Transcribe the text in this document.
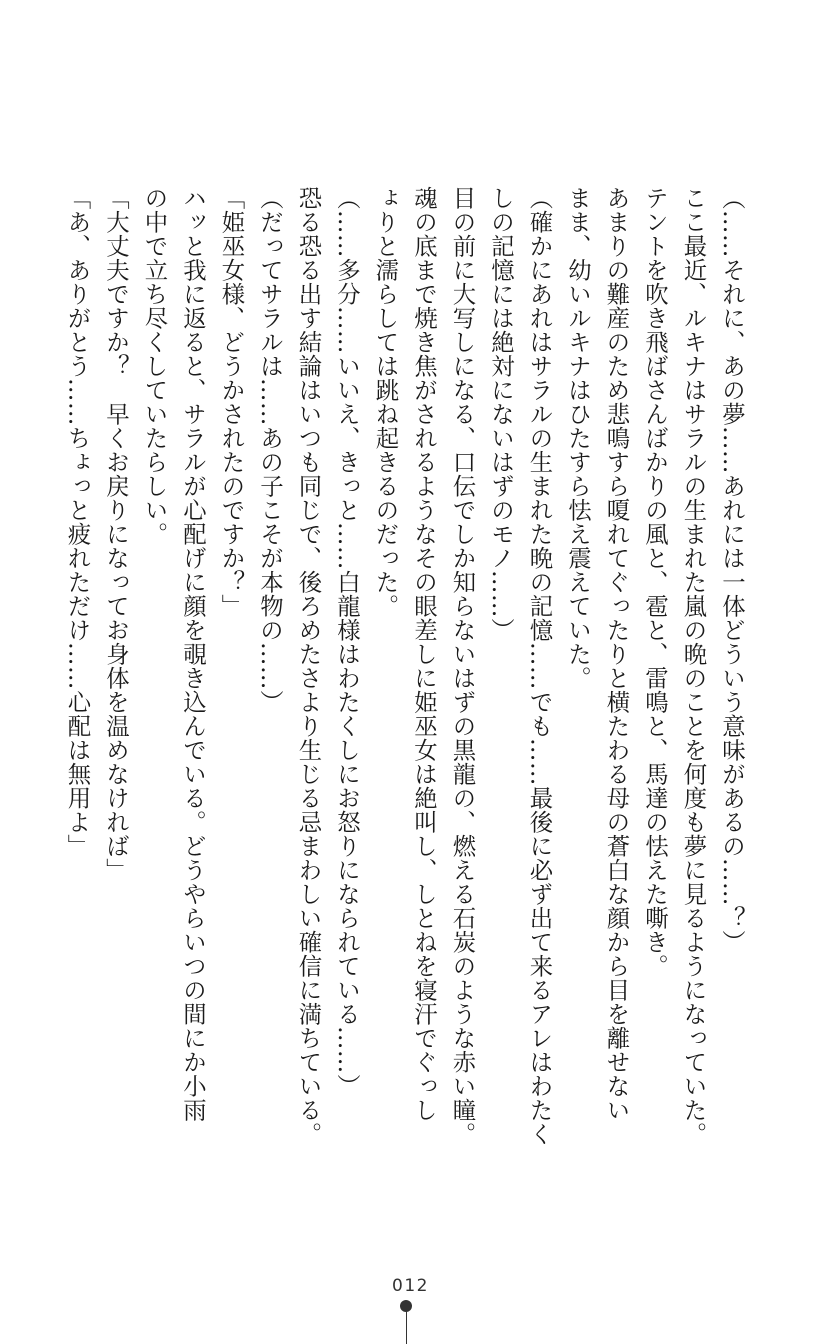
（……それに、あの夢……あれには一体どういう意味があるの……？）

ここ最近、ルキナはサラルの生まれた嵐の晩のことを何度も夢に見るようになっていた。

テントを吹き飛ばさんばかりの風と、雹と、雷鳴と、馬達の怯えた嘶き。

あまりの難産のため悲鳴すら嗄れてぐったりと横たわる母の蒼白な顔から目を離せない

まま、幼いルキナはひたすら怯え震えていた。

（確かにあれはサラルの生まれた晩の記憶……でも……最後に必ず出て来るアレはわたく

しの記憶には絶対にないはずのモノ……）

目の前に大写しになる、口伝でしか知らないはずの黒龍の、燃える石炭のような赤い瞳。

魂の底まで焼き焦がされるようなその眼差しに姫巫女は絶叫し、しとねを寝汗でぐっし

ょりと濡らしては跳ね起きるのだった。

（……多分……いいえ、きっと……白龍様はわたくしにお怒りになられている……）

恐る恐る出す結論はいつも同じで、後ろめたさより生じる忌まわしい確信に満ちている。

（だってサラルは……あの子こそが本物の……）

「姫巫女様、どうかされたのですか？」

ハッと我に返ると、サラルが心配げに顔を覗き込んでいる。どうやらいつの間にか小雨

の中で立ち尽くしていたらしい。

「大丈夫ですか？　早くお戻りになってお身体を温めなければ」

「あ、ありがとう……ちょっと疲れただけ……心配は無用よ」

012
